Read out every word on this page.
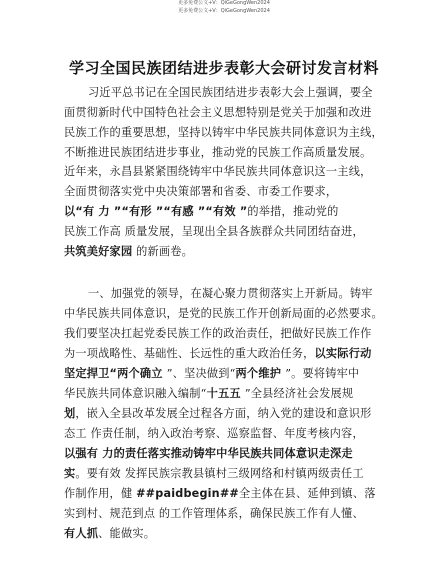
更多免费公文+V：QiGeGongWen2024
更多免费公文+V：QiGeGongWen2024
学习全国民族团结进步表彰大会研讨发言材料
习近平总书记在全国民族团结进步表彰大会上强调，要全
面贯彻新时代中国特色社会主义思想特别是党关于加强和改进
民族工作的重要思想，坚持以铸牢中华民族共同体意识为主线，
不断推进民族团结进步事业，推动党的民族工作高质量发展。
近年来，永昌县紧紧围绕铸牢中华民族共同体意识这一主线，
全面贯彻落实党中央决策部署和省委、市委工作要求，
以“有 力 ”“有形 ”“有感 ”“有效 ”的举措，推动党的
民族工作高 质量发展，呈现出全县各族群众共同团结奋进，
共筑美好家园 的新画卷。
一、加强党的领导，在凝心聚力贯彻落实上开新局。铸牢
中华民族共同体意识，是党的民族工作开创新局面的必然要求。
我们要坚决扛起党委民族工作的政治责任，把做好民族工作作
为一项战略性、基础性、长远性的重大政治任务，以实际行动
坚定捍卫“两个确立 ”、坚决做到“两个维护 ”。要将铸牢中
华民族共同体意识融入编制“十五五 ”全县经济社会发展规
划，嵌入全县改革发展全过程各方面，纳入党的建设和意识形
态工 作责任制，纳入政治考察、巡察监督、年度考核内容，
以强有 力的责任落实推动铸牢中华民族共同体意识走深走
实。要有效 发挥民族宗教县镇村三级网络和村镇两级责任工
作制作用，健 ##paidbegin##全主体在县、延伸到镇、落
实到村、规范到点 的工作管理体系，确保民族工作有人懂、
有人抓、能做实。
